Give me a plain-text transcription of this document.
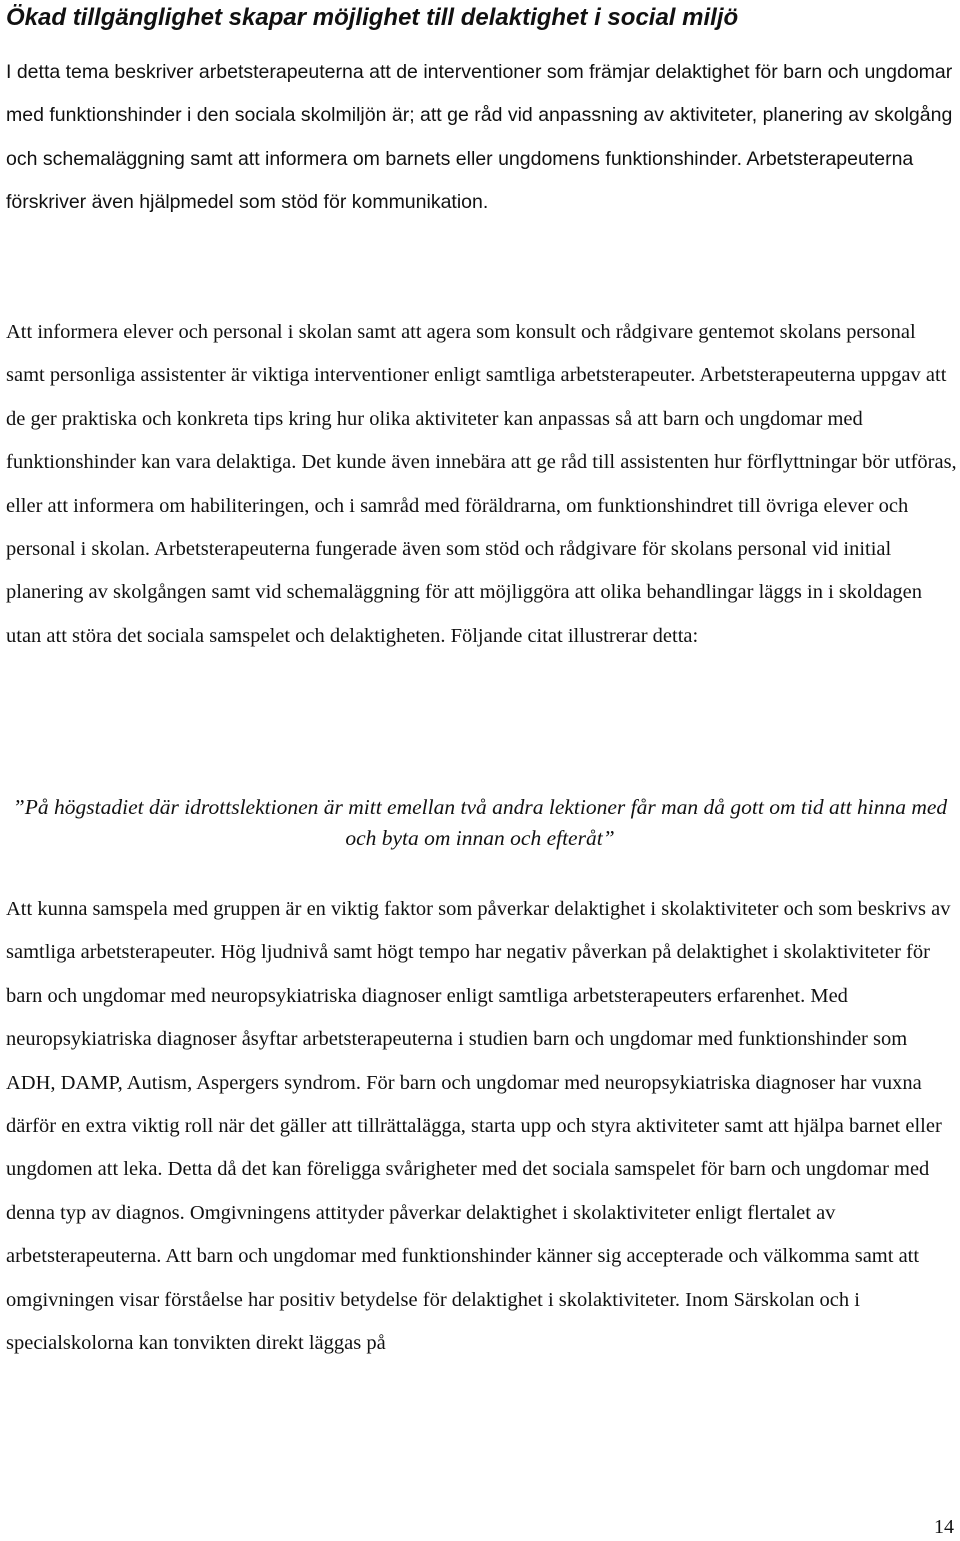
Ökad tillgänglighet skapar möjlighet till delaktighet i social miljö

I detta tema beskriver arbetsterapeuterna att de interventioner som främjar delaktighet för barn och ungdomar med funktionshinder i den sociala skolmiljön är; att ge råd vid anpassning av aktiviteter, planering av skolgång och schemaläggning samt att informera om barnets eller ungdomens funktionshinder. Arbetsterapeuterna förskriver även hjälpmedel som stöd för kommunikation.

Att informera elever och personal i skolan samt att agera som konsult och rådgivare gentemot skolans personal samt personliga assistenter är viktiga interventioner enligt samtliga arbetsterapeuter. Arbetsterapeuterna uppgav att de ger praktiska och konkreta tips kring hur olika aktiviteter kan anpassas så att barn och ungdomar med funktionshinder kan vara delaktiga. Det kunde även innebära att ge råd till assistenten hur förflyttningar bör utföras, eller att informera om habiliteringen, och i samråd med föräldrarna, om funktionshindret till övriga elever och personal i skolan. Arbetsterapeuterna fungerade även som stöd och rådgivare för skolans personal vid initial planering av skolgången samt vid schemaläggning för att möjliggöra att olika behandlingar läggs in i skoldagen utan att störa det sociala samspelet och delaktigheten. Följande citat illustrerar detta:

”På högstadiet där idrottslektionen är mitt emellan två andra lektioner får man då gott om tid att hinna med och byta om innan och efteråt”

Att kunna samspela med gruppen är en viktig faktor som påverkar delaktighet i skolaktiviteter och som beskrivs av samtliga arbetsterapeuter. Hög ljudnivå samt högt tempo har negativ påverkan på delaktighet i skolaktiviteter för barn och ungdomar med neuropsykiatriska diagnoser enligt samtliga arbetsterapeuters erfarenhet. Med neuropsykiatriska diagnoser åsyftar arbetsterapeuterna i studien barn och ungdomar med funktionshinder som ADH, DAMP, Autism, Aspergers syndrom. För barn och ungdomar med neuropsykiatriska diagnoser har vuxna därför en extra viktig roll när det gäller att tillrättalägga, starta upp och styra aktiviteter samt att hjälpa barnet eller ungdomen att leka. Detta då det kan föreligga svårigheter med det sociala samspelet för barn och ungdomar med denna typ av diagnos. Omgivningens attityder påverkar delaktighet i skolaktiviteter enligt flertalet av arbetsterapeuterna. Att barn och ungdomar med funktionshinder känner sig accepterade och välkomma samt att omgivningen visar förståelse har positiv betydelse för delaktighet i skolaktiviteter. Inom Särskolan och i specialskolorna kan tonvikten direkt läggas på

14
